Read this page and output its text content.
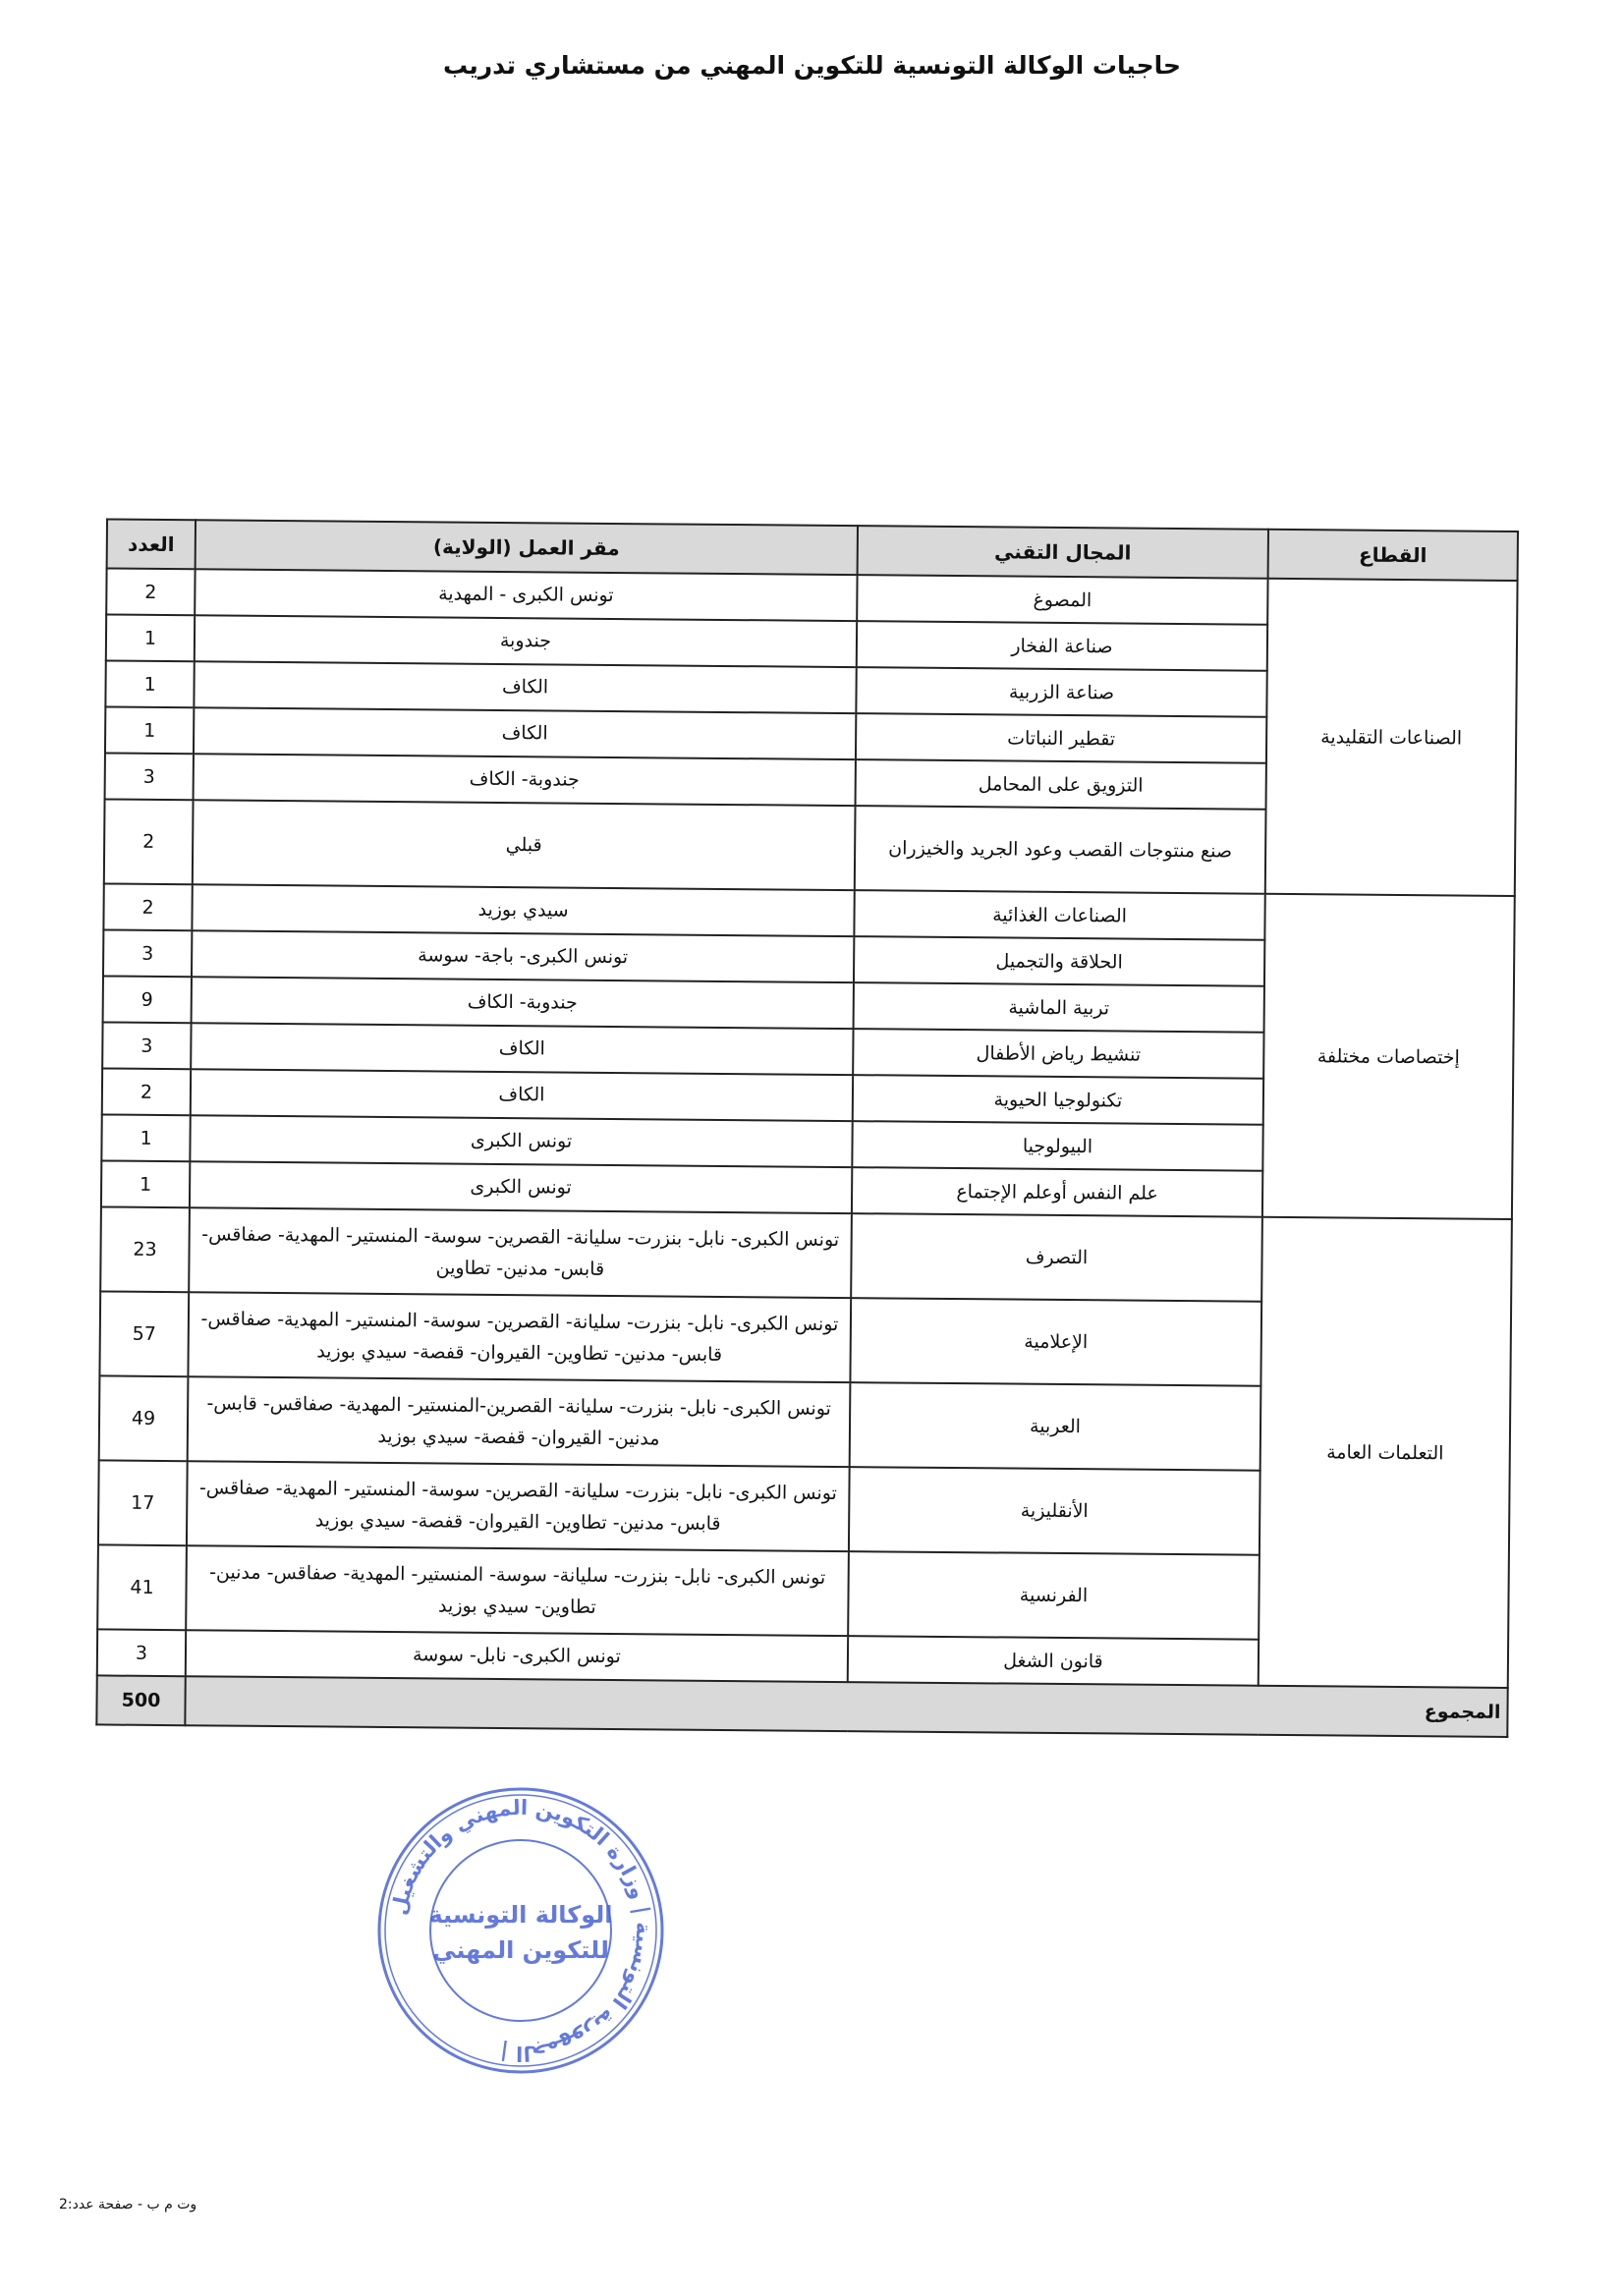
حاجيات الوكالة التونسية للتكوين المهني من مستشاري تدريب
القطاع	المجال التقني	مقر العمل (الولاية)	العدد
الصناعات التقليدية	المصوغ	تونس الكبرى - المهدية	2
	صناعة الفخار	جندوبة	1
	صناعة الزربية	الكاف	1
	تقطير النباتات	الكاف	1
	التزويق على المحامل	جندوبة- الكاف	3
	صنع منتوجات القصب وعود الجريد والخيزران	قبلي	2
إختصاصات مختلفة	الصناعات الغذائية	سيدي بوزيد	2
	الحلاقة والتجميل	تونس الكبرى- باجة- سوسة	3
	تربية الماشية	جندوبة- الكاف	9
	تنشيط رياض الأطفال	الكاف	3
	تكنولوجيا الحيوية	الكاف	2
	البيولوجيا	تونس الكبرى	1
	علم النفس أوعلم الإجتماع	تونس الكبرى	1
التعلمات العامة	التصرف	تونس الكبرى- نابل- بنزرت- سليانة- القصرين- سوسة- المنستير- المهدية- صفاقس- قابس- مدنين- تطاوين	23
	الإعلامية	تونس الكبرى- نابل- بنزرت- سليانة- القصرين- سوسة- المنستير- المهدية- صفاقس- قابس- مدنين- تطاوين- القيروان- قفصة- سيدي بوزيد	57
	العربية	تونس الكبرى- نابل- بنزرت- سليانة- القصرين-المنستير- المهدية- صفاقس- قابس- مدنين- القيروان- قفصة- سيدي بوزيد	49
	الأنقليزية	تونس الكبرى- نابل- بنزرت- سليانة- القصرين- سوسة- المنستير- المهدية- صفاقس- قابس- مدنين- تطاوين- القيروان- قفصة- سيدي بوزيد	17
	الفرنسية	تونس الكبرى- نابل- بنزرت- سليانة- سوسة- المنستير- المهدية- صفاقس- مدنين- تطاوين- سيدي بوزيد	41
	قانون الشغل	تونس الكبرى- نابل- سوسة	3
المجموع			500
الجمهورية التونسية | وزارة التكوين المهني والتشغيل |
الوكالة التونسية
للتكوين المهني
وت م ب - صفحة عدد:2
